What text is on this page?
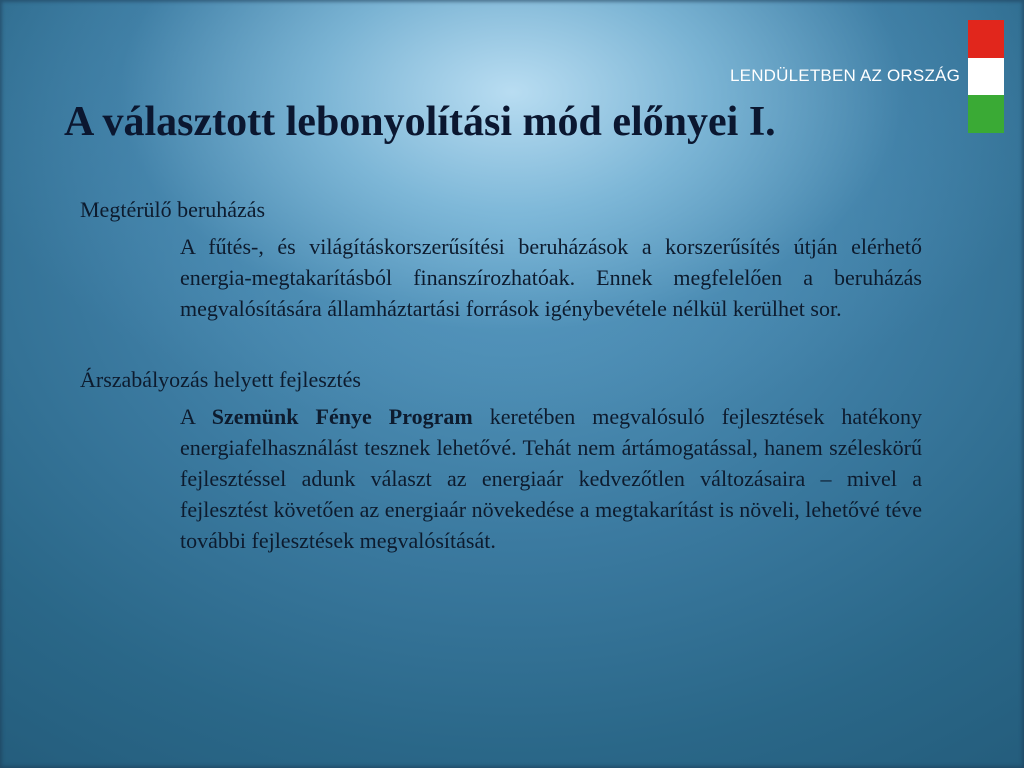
LENDÜLETBEN AZ ORSZÁG
A választott lebonyolítási mód előnyei I.

Megtérülő beruházás

A fűtés-, és világításkorszerűsítési beruházások a korszerűsítés útján elérhető energia-megtakarításból finanszírozhatóak. Ennek megfelelően a beruházás megvalósítására államháztartási források igénybevétele nélkül kerülhet sor.

Árszabályozás helyett fejlesztés

A Szemünk Fénye Program keretében megvalósuló fejlesztések hatékony energiafelhasználást tesznek lehetővé. Tehát nem ártámogatással, hanem széleskörű fejlesztéssel adunk választ az energiaár kedvezőtlen változásaira – mivel a fejlesztést követően az energiaár növekedése a megtakarítást is növeli, lehetővé téve további fejlesztések megvalósítását.
